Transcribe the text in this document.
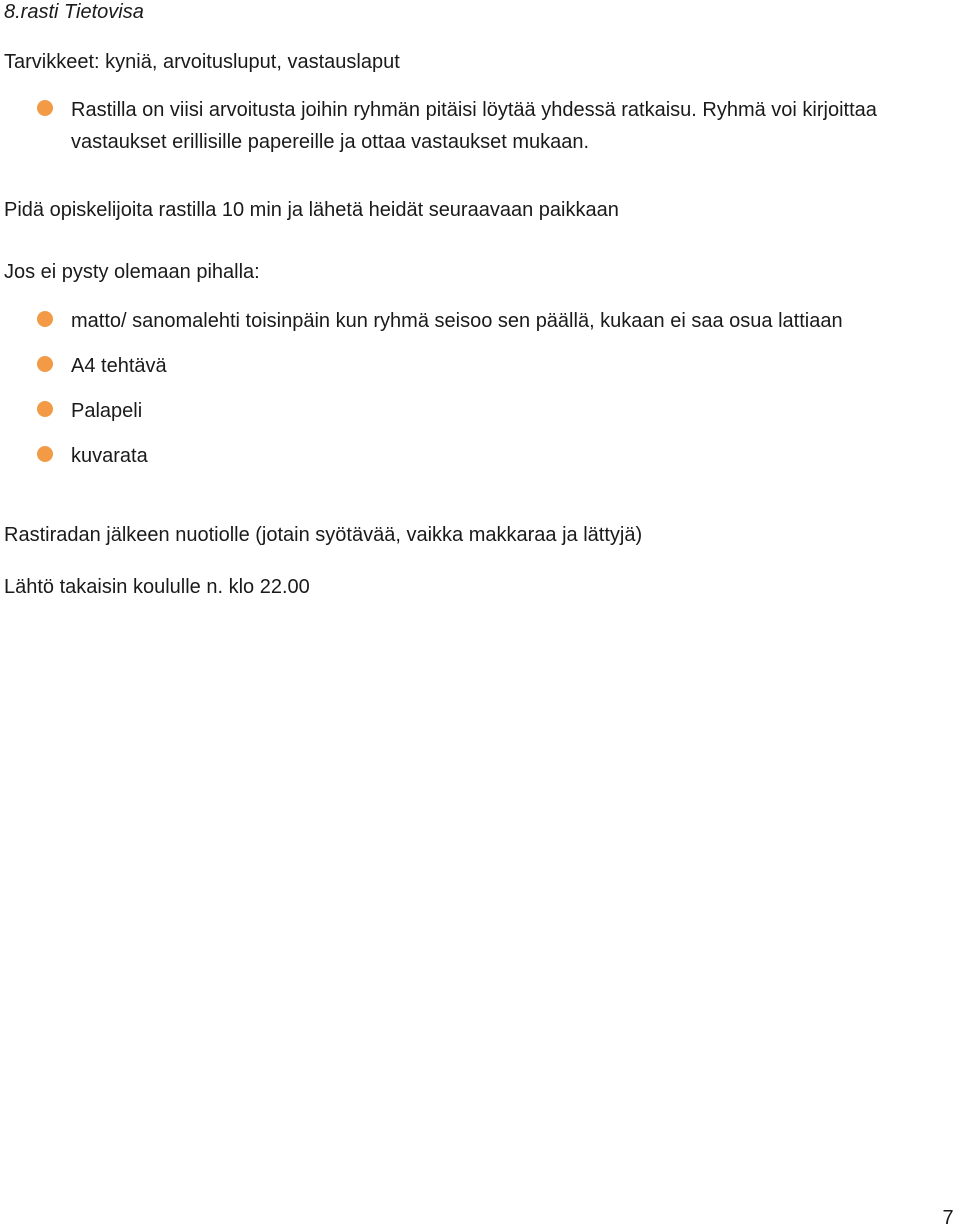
8.rasti Tietovisa
Tarvikkeet: kyniä, arvoitusluput, vastauslaput
Rastilla on viisi arvoitusta joihin ryhmän pitäisi löytää yhdessä ratkaisu. Ryhmä voi kirjoittaa vastaukset erillisille papereille ja ottaa vastaukset mukaan.
Pidä opiskelijoita rastilla 10 min ja lähetä heidät seuraavaan paikkaan
Jos ei pysty olemaan pihalla:
matto/ sanomalehti toisinpäin kun ryhmä seisoo sen päällä, kukaan ei saa osua lattiaan
A4 tehtävä
Palapeli
kuvarata
Rastiradan jälkeen nuotiolle (jotain syötävää, vaikka makkaraa ja lättyjä)
Lähtö takaisin koululle n. klo 22.00
7
